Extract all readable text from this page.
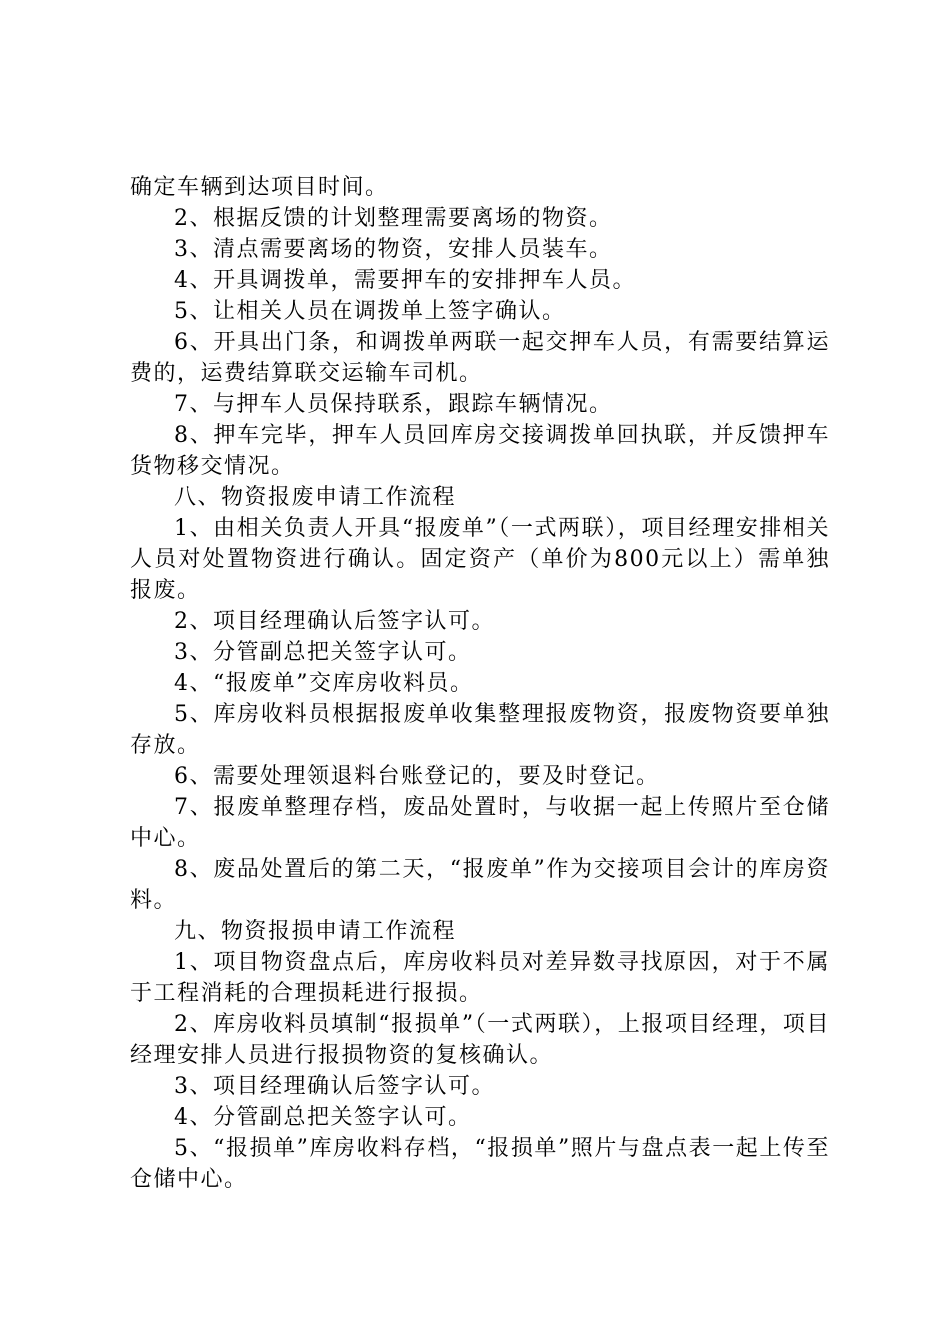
确定车辆到达项目时间。

2、根据反馈的计划整理需要离场的物资。

3、清点需要离场的物资，安排人员装车。

4、开具调拨单，需要押车的安排押车人员。

5、让相关人员在调拨单上签字确认。

6、开具出门条，和调拨单两联一起交押车人员，有需要结算运费的，运费结算联交运输车司机。

7、与押车人员保持联系，跟踪车辆情况。

8、押车完毕，押车人员回库房交接调拨单回执联，并反馈押车货物移交情况。

八、物资报废申请工作流程

1、由相关负责人开具“报废单”（一式两联），项目经理安排相关人员对处置物资进行确认。固定资产（单价为800元以上）需单独报废。

2、项目经理确认后签字认可。

3、分管副总把关签字认可。

4、“报废单”交库房收料员。

5、库房收料员根据报废单收集整理报废物资，报废物资要单独存放。

6、需要处理领退料台账登记的，要及时登记。

7、报废单整理存档，废品处置时，与收据一起上传照片至仓储中心。

8、废品处置后的第二天，“报废单”作为交接项目会计的库房资料。

九、物资报损申请工作流程

1、项目物资盘点后，库房收料员对差异数寻找原因，对于不属于工程消耗的合理损耗进行报损。

2、库房收料员填制“报损单”（一式两联），上报项目经理，项目经理安排人员进行报损物资的复核确认。

3、项目经理确认后签字认可。

4、分管副总把关签字认可。

5、“报损单”库房收料存档，“报损单”照片与盘点表一起上传至仓储中心。
